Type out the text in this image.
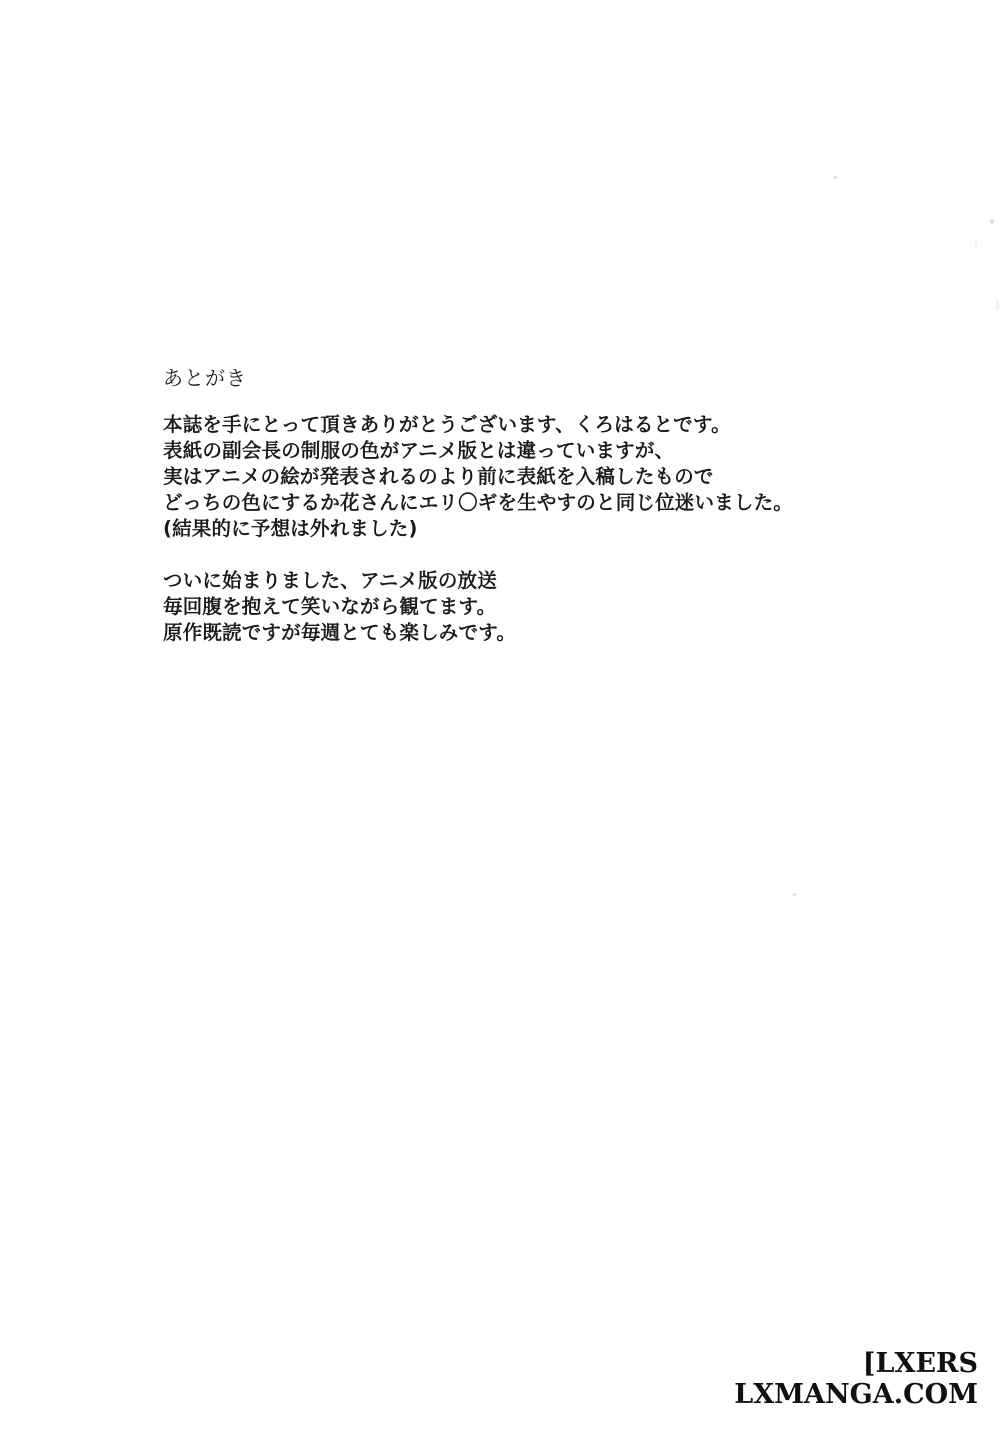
あとがき
本誌を手にとって頂きありがとうございます、くろはるとです。
表紙の副会長の制服の色がアニメ版とは違っていますが、
実はアニメの絵が発表されるのより前に表紙を入稿したもので
どっちの色にするか花さんにエリ〇ギを生やすのと同じ位迷いました。
(結果的に予想は外れました)
ついに始まりました、アニメ版の放送
毎回腹を抱えて笑いながら観てます。
原作既読ですが毎週とても楽しみです。
[LXERS
LXMANGA.COM
